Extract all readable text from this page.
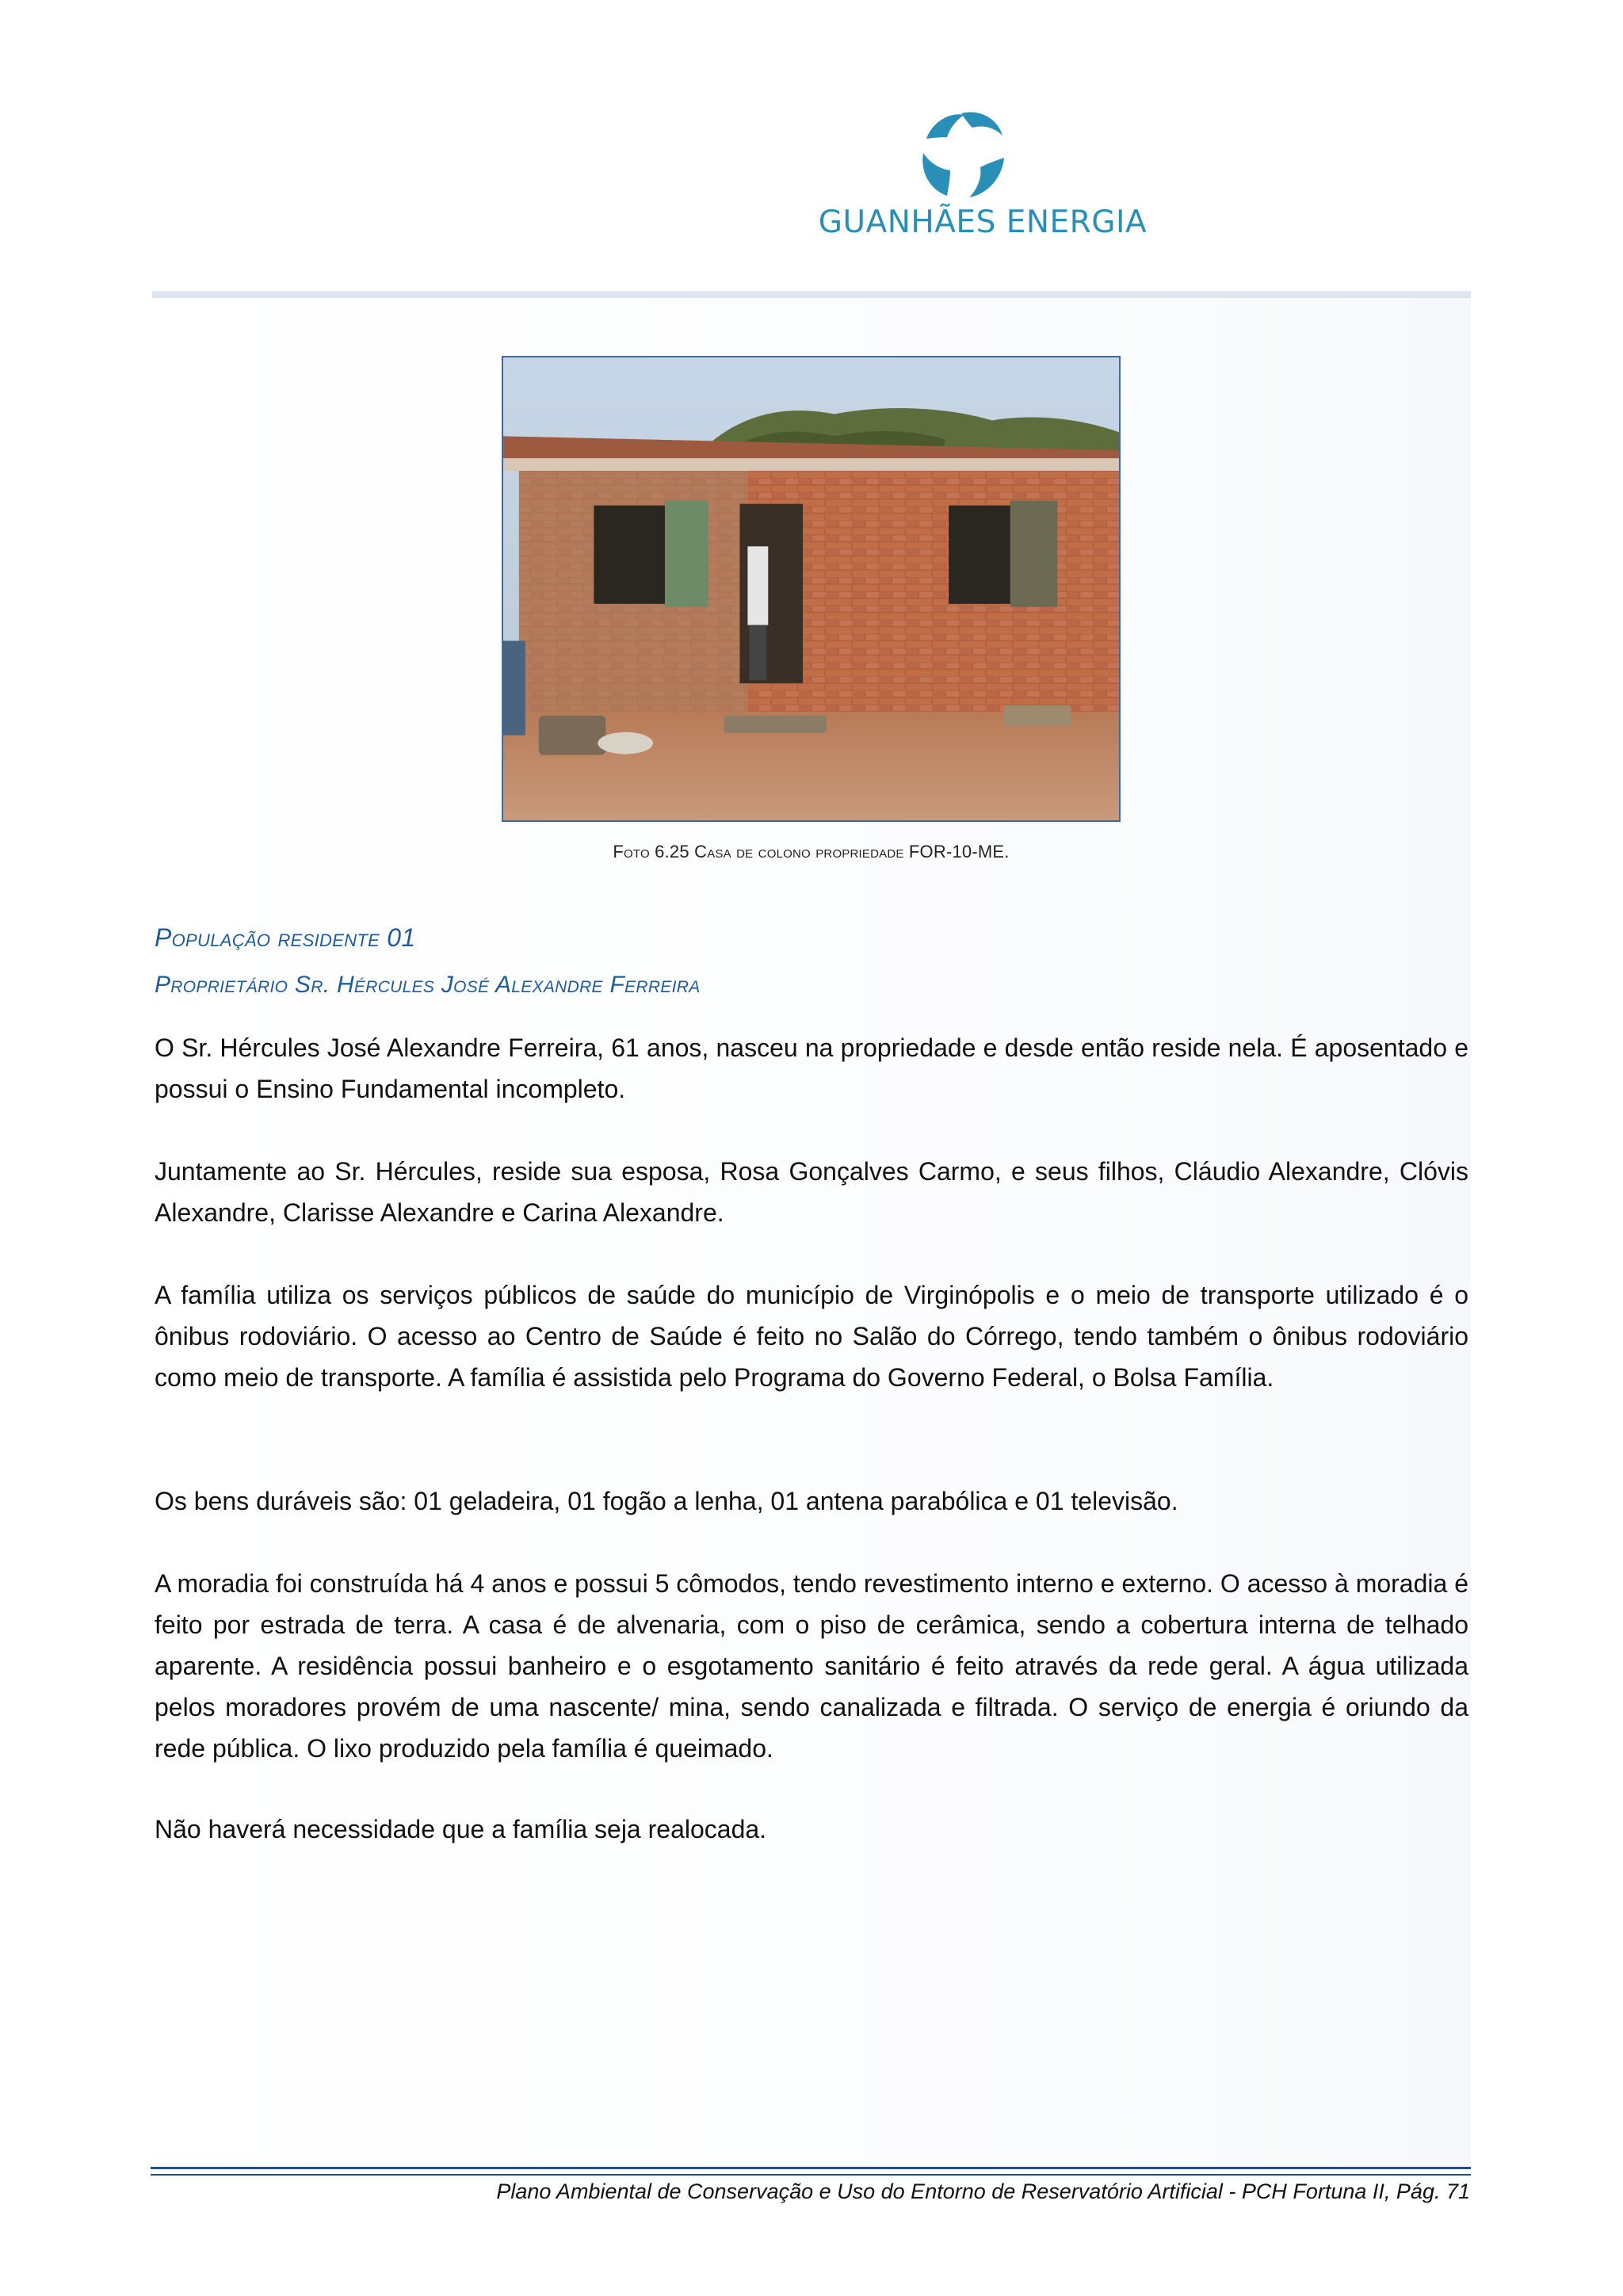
GUANHÃES ENERGIA
Foto 6.25 Casa de colono propriedade FOR-10-ME.
População residente 01
Proprietário Sr. Hércules José Alexandre Ferreira

O Sr. Hércules José Alexandre Ferreira, 61 anos, nasceu na propriedade e desde então reside nela. É aposentado e possui o Ensino Fundamental incompleto.

Juntamente ao Sr. Hércules, reside sua esposa, Rosa Gonçalves Carmo, e seus filhos, Cláudio Alexandre, Clóvis Alexandre, Clarisse Alexandre e Carina Alexandre.

A família utiliza os serviços públicos de saúde do município de Virginópolis e o meio de transporte utilizado é o ônibus rodoviário. O acesso ao Centro de Saúde é feito no Salão do Córrego, tendo também o ônibus rodoviário como meio de transporte. A família é assistida pelo Programa do Governo Federal, o Bolsa Família.

Os bens duráveis são: 01 geladeira, 01 fogão a lenha, 01 antena parabólica e 01 televisão.

A moradia foi construída há 4 anos e possui 5 cômodos, tendo revestimento interno e externo. O acesso à moradia é feito por estrada de terra. A casa é de alvenaria, com o piso de cerâmica, sendo a cobertura interna de telhado aparente. A residência possui banheiro e o esgotamento sanitário é feito através da rede geral. A água utilizada pelos moradores provém de uma nascente/ mina, sendo canalizada e filtrada. O serviço de energia é oriundo da rede pública. O lixo produzido pela família é queimado.

Não haverá necessidade que a família seja realocada.

Plano Ambiental de Conservação e Uso do Entorno de Reservatório Artificial - PCH Fortuna II, Pág. 71
